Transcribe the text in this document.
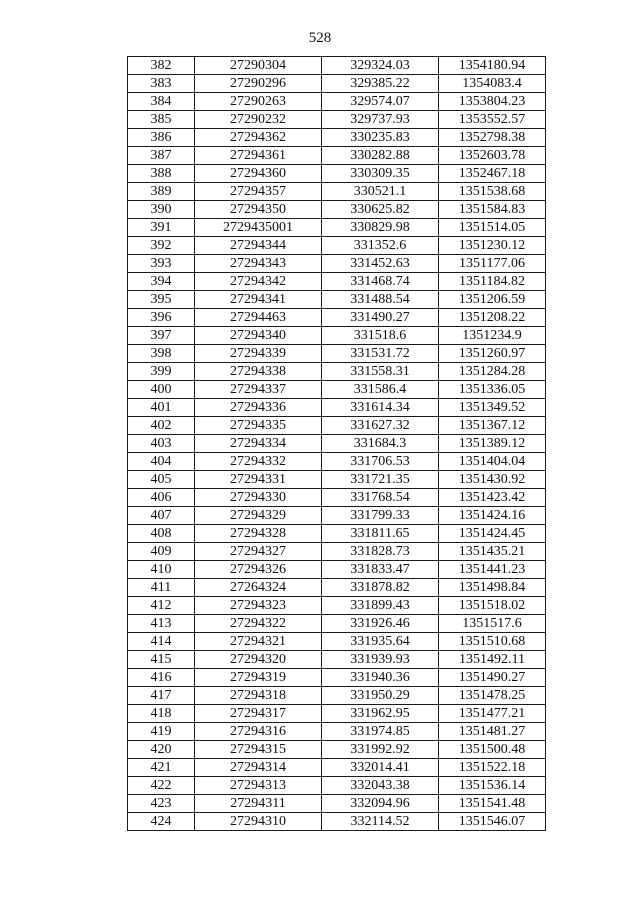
528
382	27290304	329324.03	1354180.94
383	27290296	329385.22	1354083.4
384	27290263	329574.07	1353804.23
385	27290232	329737.93	1353552.57
386	27294362	330235.83	1352798.38
387	27294361	330282.88	1352603.78
388	27294360	330309.35	1352467.18
389	27294357	330521.1	1351538.68
390	27294350	330625.82	1351584.83
391	2729435001	330829.98	1351514.05
392	27294344	331352.6	1351230.12
393	27294343	331452.63	1351177.06
394	27294342	331468.74	1351184.82
395	27294341	331488.54	1351206.59
396	27294463	331490.27	1351208.22
397	27294340	331518.6	1351234.9
398	27294339	331531.72	1351260.97
399	27294338	331558.31	1351284.28
400	27294337	331586.4	1351336.05
401	27294336	331614.34	1351349.52
402	27294335	331627.32	1351367.12
403	27294334	331684.3	1351389.12
404	27294332	331706.53	1351404.04
405	27294331	331721.35	1351430.92
406	27294330	331768.54	1351423.42
407	27294329	331799.33	1351424.16
408	27294328	331811.65	1351424.45
409	27294327	331828.73	1351435.21
410	27294326	331833.47	1351441.23
411	27264324	331878.82	1351498.84
412	27294323	331899.43	1351518.02
413	27294322	331926.46	1351517.6
414	27294321	331935.64	1351510.68
415	27294320	331939.93	1351492.11
416	27294319	331940.36	1351490.27
417	27294318	331950.29	1351478.25
418	27294317	331962.95	1351477.21
419	27294316	331974.85	1351481.27
420	27294315	331992.92	1351500.48
421	27294314	332014.41	1351522.18
422	27294313	332043.38	1351536.14
423	27294311	332094.96	1351541.48
424	27294310	332114.52	1351546.07
